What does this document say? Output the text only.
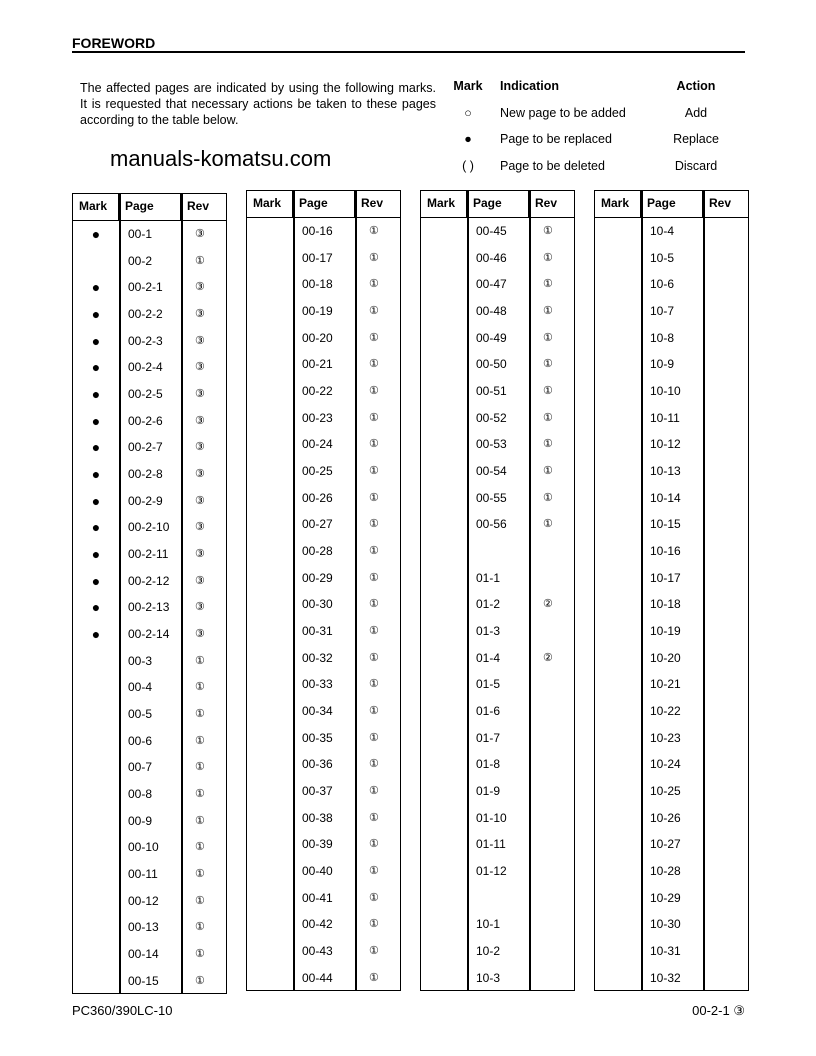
FOREWORD
The affected pages are indicated by using the following marks. It is requested that necessary actions be taken to these pages according to the table below.
Mark	Indication	Action
○	New page to be added	Add
●	Page to be replaced	Replace
( )	Page to be deleted	Discard
Mark	Page	Rev
●	00-1	③
00-2	①
●	00-2-1	③
●	00-2-2	③
●	00-2-3	③
●	00-2-4	③
●	00-2-5	③
●	00-2-6	③
●	00-2-7	③
●	00-2-8	③
●	00-2-9	③
●	00-2-10	③
●	00-2-11	③
●	00-2-12	③
●	00-2-13	③
●	00-2-14	③
00-3	①
00-4	①
00-5	①
00-6	①
00-7	①
00-8	①
00-9	①
00-10	①
00-11	①
00-12	①
00-13	①
00-14	①
00-15	①
Mark	Page	Rev
00-16	①
00-17	①
00-18	①
00-19	①
00-20	①
00-21	①
00-22	①
00-23	①
00-24	①
00-25	①
00-26	①
00-27	①
00-28	①
00-29	①
00-30	①
00-31	①
00-32	①
00-33	①
00-34	①
00-35	①
00-36	①
00-37	①
00-38	①
00-39	①
00-40	①
00-41	①
00-42	①
00-43	①
00-44	①
Mark	Page	Rev
00-45	①
00-46	①
00-47	①
00-48	①
00-49	①
00-50	①
00-51	①
00-52	①
00-53	①
00-54	①
00-55	①
00-56	①
01-1
01-2	②
01-3
01-4	②
01-5
01-6
01-7
01-8
01-9
01-10
01-11
01-12
10-1
10-2
10-3
Mark	Page	Rev
10-4
10-5
10-6
10-7
10-8
10-9
10-10
10-11
10-12
10-13
10-14
10-15
10-16
10-17
10-18
10-19
10-20
10-21
10-22
10-23
10-24
10-25
10-26
10-27
10-28
10-29
10-30
10-31
10-32
manuals-komatsu.com
PC360/390LC-10	00-2-1 ③
